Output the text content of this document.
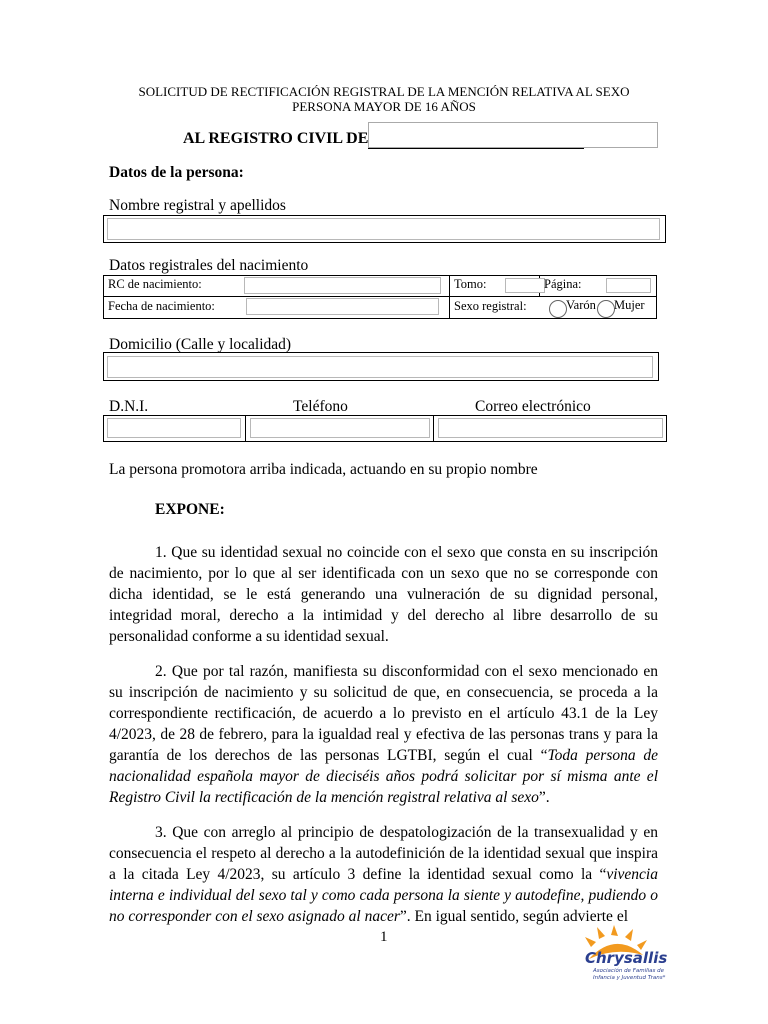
SOLICITUD DE RECTIFICACIÓN REGISTRAL DE LA MENCIÓN RELATIVA AL SEXO
PERSONA MAYOR DE 16 AÑOS
AL REGISTRO CIVIL DE
Datos de la persona:
Nombre registral y apellidos
Datos registrales del nacimiento
RC de nacimiento:	Tomo:	Página:
Fecha de nacimiento:	Sexo registral:	Varón Mujer
Domicilio (Calle y localidad)
D.N.I.	Teléfono	Correo electrónico
La persona promotora arriba indicada, actuando en su propio nombre
EXPONE:

1. Que su identidad sexual no coincide con el sexo que consta en su inscripción de nacimiento, por lo que al ser identificada con un sexo que no se corresponde con dicha identidad, se le está generando una vulneración de su dignidad personal, integridad moral, derecho a la intimidad y del derecho al libre desarrollo de su personalidad conforme a su identidad sexual.

2. Que por tal razón, manifiesta su disconformidad con el sexo mencionado en su inscripción de nacimiento y su solicitud de que, en consecuencia, se proceda a la correspondiente rectificación, de acuerdo a lo previsto en el artículo 43.1 de la Ley 4/2023, de 28 de febrero, para la igualdad real y efectiva de las personas trans y para la garantía de los derechos de las personas LGTBI, según el cual “Toda persona de nacionalidad española mayor de dieciséis años podrá solicitar por sí misma ante el Registro Civil la rectificación de la mención registral relativa al sexo”.

3. Que con arreglo al principio de despatologización de la transexualidad y en consecuencia el respeto al derecho a la autodefinición de la identidad sexual que inspira a la citada Ley 4/2023, su artículo 3 define la identidad sexual como la “vivencia interna e individual del sexo tal y como cada persona la siente y autodefine, pudiendo o no corresponder con el sexo asignado al nacer”. En igual sentido, según advierte el

1
Chrysallis
Asociación de Familias de
Infancia y Juventud Trans*
